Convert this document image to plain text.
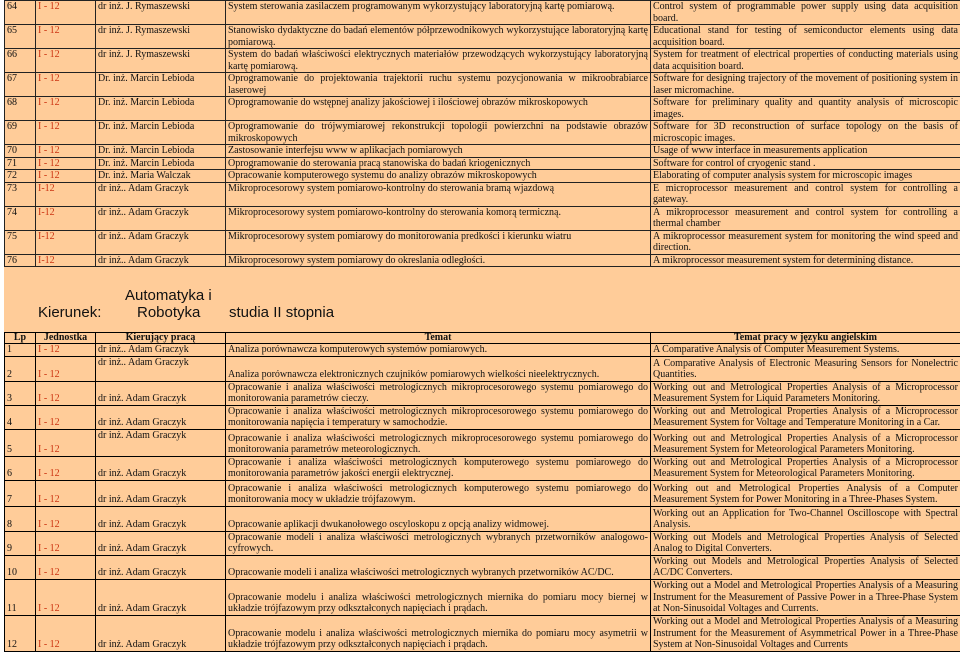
64	I - 12	dr inż. J. Rymaszewski	System sterowania zasilaczem programowanym wykorzystujący laboratoryjną kartę pomiarową.	Control system of programmable power supply using data acquisition board.
65	I - 12	dr inż. J. Rymaszewski	Stanowisko dydaktyczne do badań elementów półprzewodnikowych wykorzystujące laboratoryjną kartę pomiarową.	Educational stand for testing of semiconductor elements using data acquisition board.
66	I - 12	dr inż. J. Rymaszewski	System do badań właściwości elektrycznych materiałów przewodzących wykorzystujący laboratoryjną kartę pomiarową.	System for treatment of electrical properties of conducting materials using data acquisition board.
67	I - 12	Dr. inż. Marcin Lebioda	Oprogramowanie do projektowania trajektorii ruchu systemu pozycjonowania w mikroobrabiarce laserowej	Software for designing trajectory of the movement of positioning system in laser micromachine.
68	I - 12	Dr. inż. Marcin Lebioda	Oprogramowanie do wstępnej analizy jakościowej i ilościowej obrazów mikroskopowych	Software for preliminary quality and quantity analysis of microscopic images.
69	I - 12	Dr. inż. Marcin Lebioda	Oprogramowanie do trójwymiarowej rekonstrukcji topologii powierzchni na podstawie obrazów mikroskopowych	Software for 3D reconstruction of surface topology on the basis of microscopic images.
70	I - 12	Dr. inż. Marcin Lebioda	Zastosowanie interfejsu www w aplikacjach pomiarowych	Usage of www interface in measurements application
71	I - 12	Dr. inż. Marcin Lebioda	Oprogramowanie do sterowania pracą stanowiska do badań kriogenicznych	Software for control of cryogenic stand .
72	I - 12	Dr. inż. Maria Walczak	Opracowanie komputerowego systemu do analizy obrazów mikroskopowych	Elaborating of computer analysis system for microscopic images
73	I-12	dr inż.. Adam Graczyk	Mikroprocesorowy system pomiarowo-kontrolny do sterowania bramą wjazdową	E microprocessor measurement and control system for controlling a gateway.
74	I-12	dr inż.. Adam Graczyk	Mikroprocesorowy system pomiarowo-kontrolny do sterowania komorą termiczną.	A mikroprocessor measurement and control system for controlling a thermal chamber
75	I-12	dr inż.. Adam Graczyk	Mikroprocesorowy system pomiarowy do monitorowania predkości i kierunku wiatru	A mikroprocessor measurement system for monitoring the wind speed and direction.
76	I-12	dr inż.. Adam Graczyk	Mikroprocesorowy system pomiarowy do okreslania odległości.	A mikroprocessor measurement system for determining distance.
Kierunek:
Automatyka i
Robotyka studia II stopnia
Lp	Jednostka	Kierujący pracą	Temat	Temat pracy w języku angielskim
1	I - 12	dr inż.. Adam Graczyk	Analiza porównawcza komputerowych systemów pomiarowych.	A Comparative Analysis of Computer Measurement Systems.
2	I - 12	dr inż.. Adam Graczyk	Analiza porównawcza elektronicznych czujników pomiarowych wielkości nieelektrycznych.	A Comparative Analysis of Electronic Measuring Sensors for Nonelectric Quantities.
3	I - 12	dr inż. Adam Graczyk	Opracowanie i analiza właściwości metrologicznych mikroprocesorowego systemu pomiarowego do monitorowania parametrów cieczy.	Working out and Metrological Properties Analysis of a Microprocessor Measurement System for Liquid Parameters Monitoring.
4	I - 12	dr inż. Adam Graczyk	Opracowanie i analiza właściwości metrologicznych mikroprocesorowego systemu pomiarowego do monitorowania napięcia i temperatury w samochodzie.	Working out and Metrological Properties Analysis of a Microprocessor Measurement System for Voltage and Temperature Monitoring in a Car.
5	I - 12	dr inż. Adam Graczyk	Opracowanie i analiza właściwości metrologicznych mikroprocesorowego systemu pomiarowego do monitorowania parametrów meteorologicznych.	Working out and Metrological Properties Analysis of a Microprocessor Measurement System for Meteorological Parameters Monitoring.
6	I - 12	dr inż. Adam Graczyk	Opracowanie i analiza właściwości metrologicznych komputerowego systemu pomiarowego do monitorowania parametrów jakości energii elektrycznej.	Working out and Metrological Properties Analysis of a Microprocessor Measurement System for Meteorological Parameters Monitoring.
7	I - 12	dr inż. Adam Graczyk	Opracowanie i analiza właściwości metrologicznych komputerowego systemu pomiarowego do monitorowania mocy w układzie trójfazowym.	Working out and Metrological Properties Analysis of a Computer Measurement System for Power Monitoring in a Three-Phases System.
8	I - 12	dr inż. Adam Graczyk	Opracowanie aplikacji dwukanołowego oscyloskopu z opcją analizy widmowej.	Working out an Application for Two-Channel Oscilloscope with Spectral Analysis.
9	I - 12	dr inż. Adam Graczyk	Opracowanie modeli i analiza właściwości metrologicznych wybranych przetworników analogowo-cyfrowych.	Working out Models and Metrological Properties Analysis of Selected Analog to Digital Converters.
10	I - 12	dr inż. Adam Graczyk	Opracowanie modeli i analiza właściwości metrologicznych wybranych przetworników AC/DC.	Working out Models and Metrological Properties Analysis of Selected AC/DC Converters.
11	I - 12	dr inż. Adam Graczyk	Opracowanie modelu i analiza właściwości metrologicznych miernika do pomiaru mocy biernej w układzie trójfazowym przy odkształconych napięciach i prądach.	Working out a Model and Metrological Properties Analysis of a Measuring Instrument for the Measurement of Passive Power in a Three-Phase System at Non-Sinusoidal Voltages and Currents.
12	I - 12	dr inż. Adam Graczyk	Opracowanie modelu i analiza właściwości metrologicznych miernika do pomiaru mocy asymetrii w układzie trójfazowym przy odkształconych napięciach i prądach.	Working out a Model and Metrological Properties Analysis of a Measuring Instrument for the Measurement of Asymmetrical Power in a Three-Phase System at Non-Sinusoidal Voltages and Currents
